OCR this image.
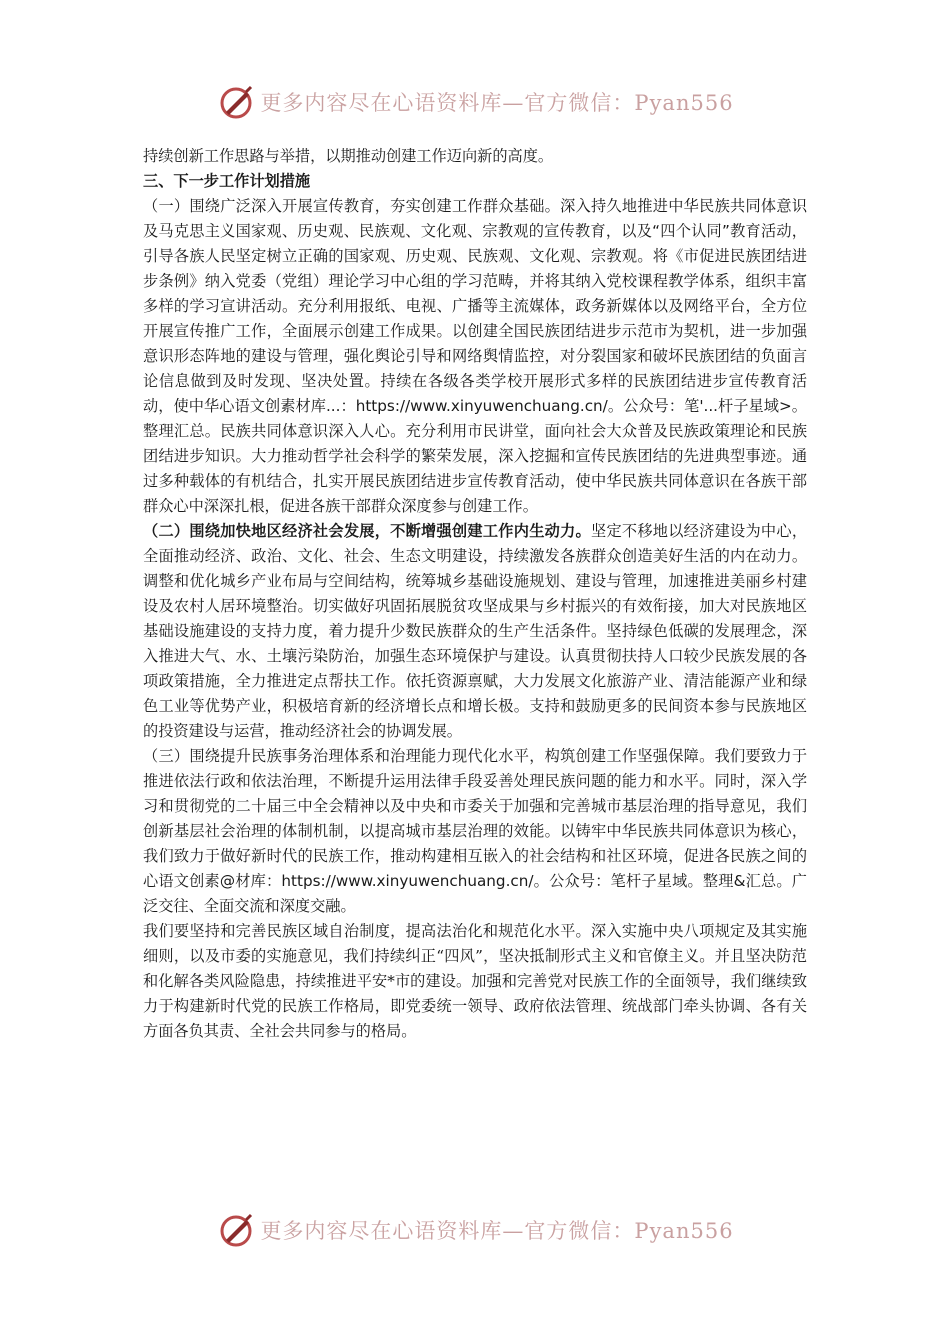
更多内容尽在心语资料库—官方微信：Pyan556

持续创新工作思路与举措，以期推动创建工作迈向新的高度。

三、下一步工作计划措施

（一）围绕广泛深入开展宣传教育，夯实创建工作群众基础。深入持久地推进中华民族共同体意识及马克思主义国家观、历史观、民族观、文化观、宗教观的宣传教育，以及“四个认同”教育活动，引导各族人民坚定树立正确的国家观、历史观、民族观、文化观、宗教观。将《市促进民族团结进步条例》纳入党委（党组）理论学习中心组的学习范畴，并将其纳入党校课程教学体系，组织丰富多样的学习宣讲活动。充分利用报纸、电视、广播等主流媒体，政务新媒体以及网络平台，全方位开展宣传推广工作，全面展示创建工作成果。以创建全国民族团结进步示范市为契机，进一步加强意识形态阵地的建设与管理，强化舆论引导和网络舆情监控，对分裂国家和破坏民族团结的负面言论信息做到及时发现、坚决处置。持续在各级各类学校开展形式多样的民族团结进步宣传教育活动，使中华心语文创素材库...：https://www.xinyuwenchuang.cn/。公众号：笔'...杆子星域>。整理汇总。民族共同体意识深入人心。充分利用市民讲堂，面向社会大众普及民族政策理论和民族团结进步知识。大力推动哲学社会科学的繁荣发展，深入挖掘和宣传民族团结的先进典型事迹。通过多种载体的有机结合，扎实开展民族团结进步宣传教育活动，使中华民族共同体意识在各族干部群众心中深深扎根，促进各族干部群众深度参与创建工作。

（二）围绕加快地区经济社会发展，不断增强创建工作内生动力。坚定不移地以经济建设为中心，全面推动经济、政治、文化、社会、生态文明建设，持续激发各族群众创造美好生活的内在动力。调整和优化城乡产业布局与空间结构，统筹城乡基础设施规划、建设与管理，加速推进美丽乡村建设及农村人居环境整治。切实做好巩固拓展脱贫攻坚成果与乡村振兴的有效衔接，加大对民族地区基础设施建设的支持力度，着力提升少数民族群众的生产生活条件。坚持绿色低碳的发展理念，深入推进大气、水、土壤污染防治，加强生态环境保护与建设。认真贯彻扶持人口较少民族发展的各项政策措施，全力推进定点帮扶工作。依托资源禀赋，大力发展文化旅游产业、清洁能源产业和绿色工业等优势产业，积极培育新的经济增长点和增长极。支持和鼓励更多的民间资本参与民族地区的投资建设与运营，推动经济社会的协调发展。

（三）围绕提升民族事务治理体系和治理能力现代化水平，构筑创建工作坚强保障。我们要致力于推进依法行政和依法治理，不断提升运用法律手段妥善处理民族问题的能力和水平。同时，深入学习和贯彻党的二十届三中全会精神以及中央和市委关于加强和完善城市基层治理的指导意见，我们创新基层社会治理的体制机制，以提高城市基层治理的效能。以铸牢中华民族共同体意识为核心，我们致力于做好新时代的民族工作，推动构建相互嵌入的社会结构和社区环境，促进各民族之间的心语文创素@材库：https://www.xinyuwenchuang.cn/。公众号：笔杆子星域。整理&汇总。广泛交往、全面交流和深度交融。

我们要坚持和完善民族区域自治制度，提高法治化和规范化水平。深入实施中央八项规定及其实施细则，以及市委的实施意见，我们持续纠正“四风”，坚决抵制形式主义和官僚主义。并且坚决防范和化解各类风险隐患，持续推进平安*市的建设。加强和完善党对民族工作的全面领导，我们继续致力于构建新时代党的民族工作格局，即党委统一领导、政府依法管理、统战部门牵头协调、各有关方面各负其责、全社会共同参与的格局。

更多内容尽在心语资料库—官方微信：Pyan556
